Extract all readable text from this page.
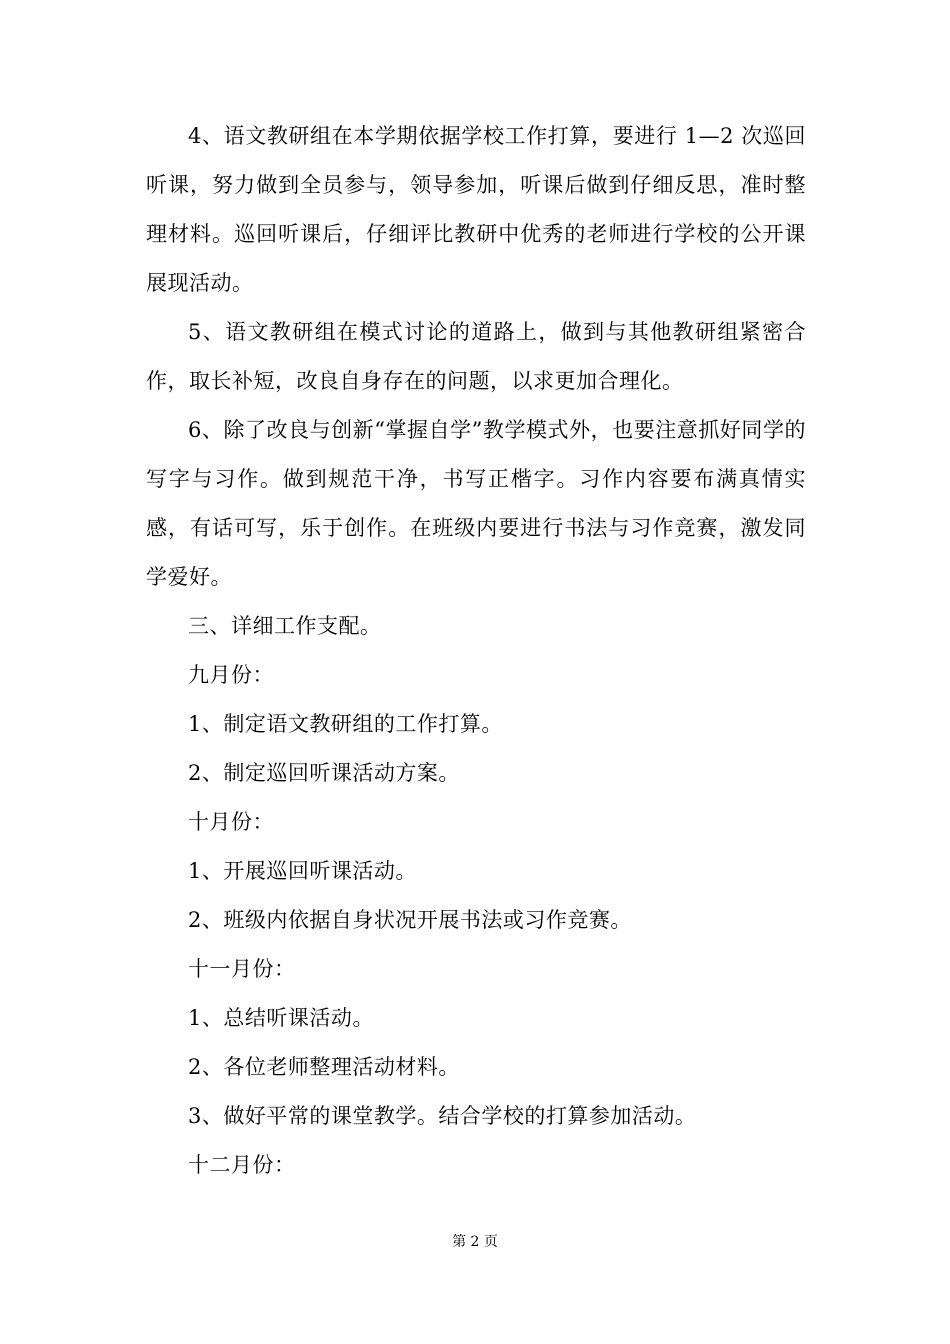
4、语文教研组在本学期依据学校工作打算，要进行 1—2 次巡回听课，努力做到全员参与，领导参加，听课后做到仔细反思，准时整理材料。巡回听课后，仔细评比教研中优秀的老师进行学校的公开课展现活动。

5、语文教研组在模式讨论的道路上，做到与其他教研组紧密合作，取长补短，改良自身存在的问题，以求更加合理化。

6、除了改良与创新“掌握自学”教学模式外，也要注意抓好同学的写字与习作。做到规范干净，书写正楷字。习作内容要布满真情实感，有话可写，乐于创作。在班级内要进行书法与习作竞赛，激发同学爱好。

三、详细工作支配。

九月份：

1、制定语文教研组的工作打算。

2、制定巡回听课活动方案。

十月份：

1、开展巡回听课活动。

2、班级内依据自身状况开展书法或习作竞赛。

十一月份：

1、总结听课活动。

2、各位老师整理活动材料。

3、做好平常的课堂教学。结合学校的打算参加活动。

十二月份：

第 2 页
